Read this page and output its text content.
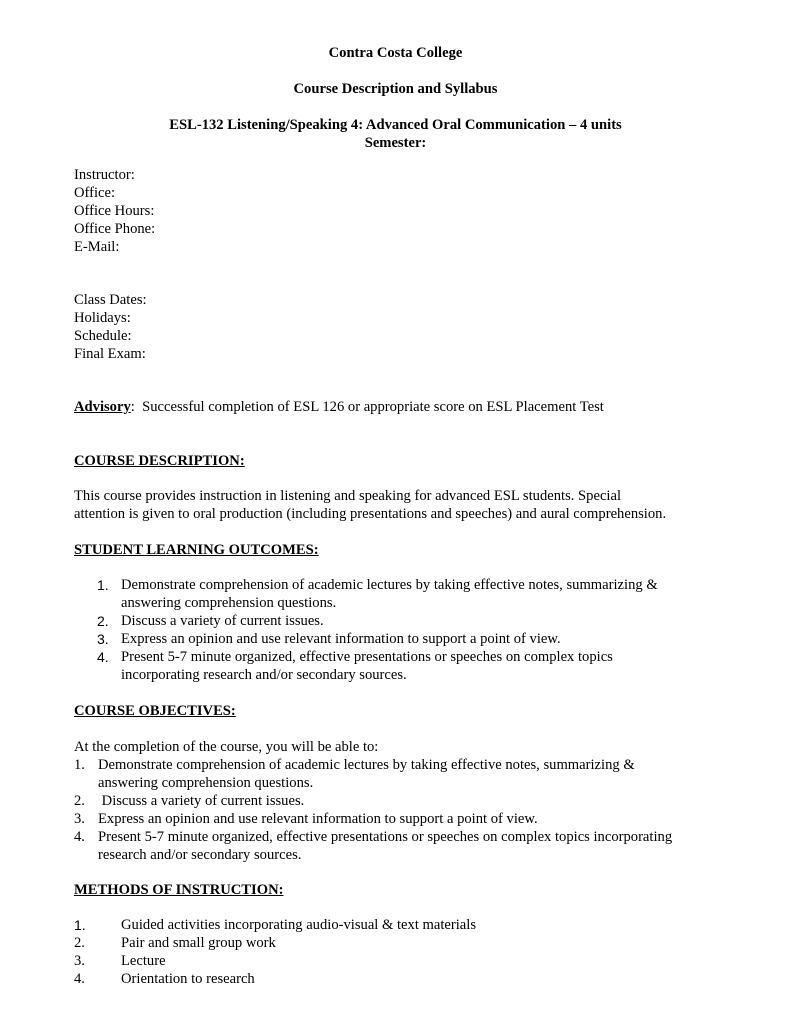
Contra Costa College
Course Description and Syllabus
ESL-132 Listening/Speaking 4: Advanced Oral Communication – 4 units
Semester:
Instructor:
Office:
Office Hours:
Office Phone:
E-Mail:
Class Dates:
Holidays:
Schedule:
Final Exam:
Advisory: Successful completion of ESL 126 or appropriate score on ESL Placement Test
COURSE DESCRIPTION:
This course provides instruction in listening and speaking for advanced ESL students. Special
attention is given to oral production (including presentations and speeches) and aural comprehension.
STUDENT LEARNING OUTCOMES:
1. Demonstrate comprehension of academic lectures by taking effective notes, summarizing &
answering comprehension questions.
2. Discuss a variety of current issues.
3. Express an opinion and use relevant information to support a point of view.
4. Present 5-7 minute organized, effective presentations or speeches on complex topics
incorporating research and/or secondary sources.
COURSE OBJECTIVES:
At the completion of the course, you will be able to:
1. Demonstrate comprehension of academic lectures by taking effective notes, summarizing &
answering comprehension questions.
2. Discuss a variety of current issues.
3. Express an opinion and use relevant information to support a point of view.
4. Present 5-7 minute organized, effective presentations or speeches on complex topics incorporating
research and/or secondary sources.
METHODS OF INSTRUCTION:
1. Guided activities incorporating audio-visual & text materials
2. Pair and small group work
3. Lecture
4. Orientation to research
